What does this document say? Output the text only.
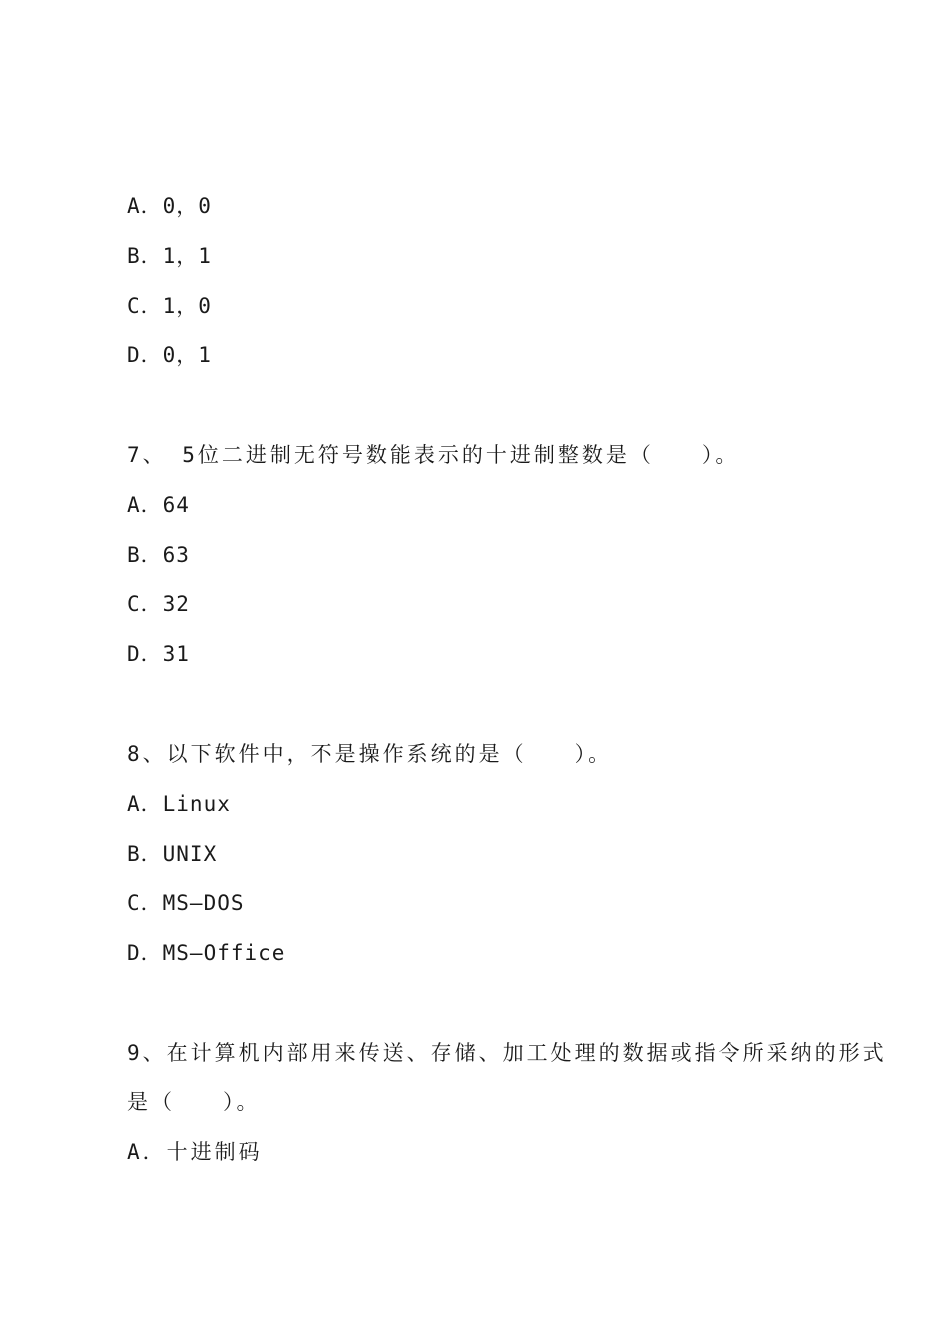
A．0，0
B．1，1
C．1，0
D．0，1
7、 5位二进制无符号数能表示的十进制整数是（　　）。
A．64
B．63
C．32
D．31
8、以下软件中，不是操作系统的是（　　）。
A．Linux
B．UNIX
C．MS—DOS
D．MS—Office
9、在计算机内部用来传送、存储、加工处理的数据或指令所采纳的形式
是（　　）。
A．十进制码
